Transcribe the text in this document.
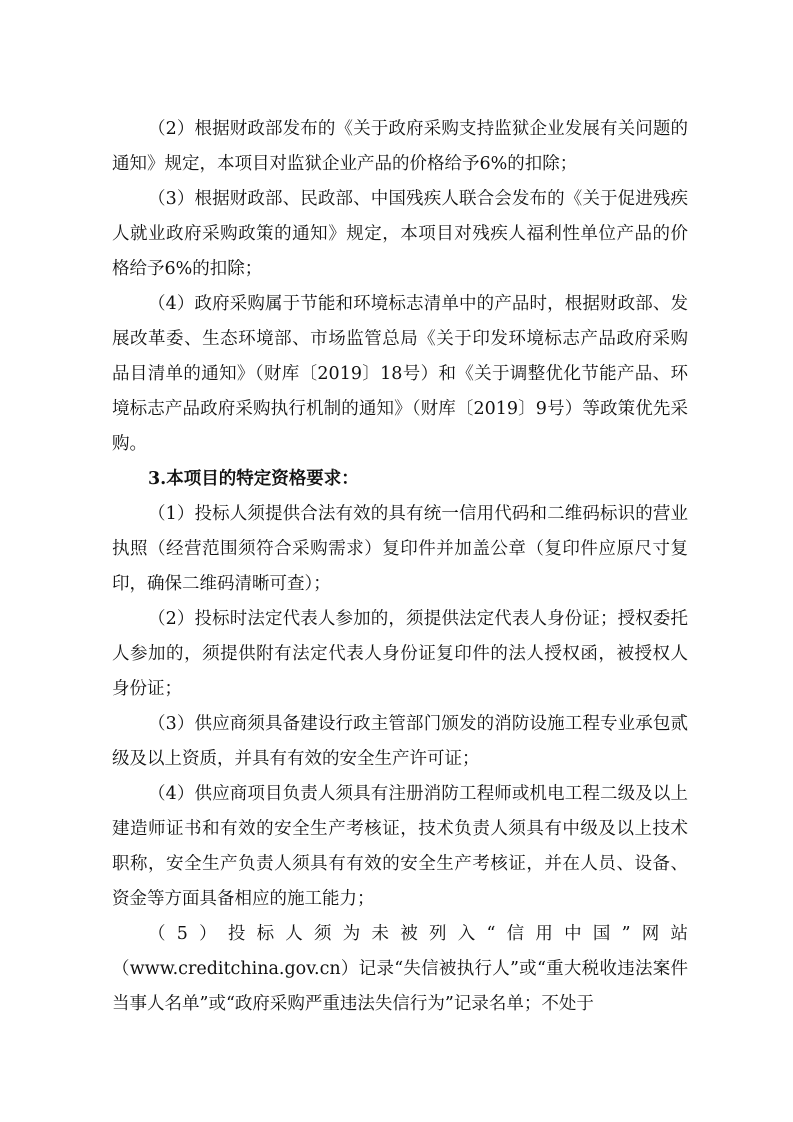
（2）根据财政部发布的《关于政府采购支持监狱企业发展有关问题的通知》规定，本项目对监狱企业产品的价格给予6%的扣除；

（3）根据财政部、民政部、中国残疾人联合会发布的《关于促进残疾人就业政府采购政策的通知》规定，本项目对残疾人福利性单位产品的价格给予6%的扣除；

（4）政府采购属于节能和环境标志清单中的产品时，根据财政部、发展改革委、生态环境部、市场监管总局《关于印发环境标志产品政府采购品目清单的通知》（财库〔2019〕18号）和《关于调整优化节能产品、环境标志产品政府采购执行机制的通知》（财库〔2019〕9号）等政策优先采购。

3.本项目的特定资格要求：

（1）投标人须提供合法有效的具有统一信用代码和二维码标识的营业执照（经营范围须符合采购需求）复印件并加盖公章（复印件应原尺寸复印，确保二维码清晰可查）；

（2）投标时法定代表人参加的，须提供法定代表人身份证；授权委托人参加的，须提供附有法定代表人身份证复印件的法人授权函，被授权人身份证；

（3）供应商须具备建设行政主管部门颁发的消防设施工程专业承包贰级及以上资质，并具有有效的安全生产许可证；

（4）供应商项目负责人须具有注册消防工程师或机电工程二级及以上建造师证书和有效的安全生产考核证，技术负责人须具有中级及以上技术职称，安全生产负责人须具有有效的安全生产考核证，并在人员、设备、资金等方面具备相应的施工能力；

（5）投标人须为未被列入“信用中国”网站

（www.creditchina.gov.cn）记录“失信被执行人”或“重大税收违法案件当事人名单”或“政府采购严重违法失信行为”记录名单；不处于
